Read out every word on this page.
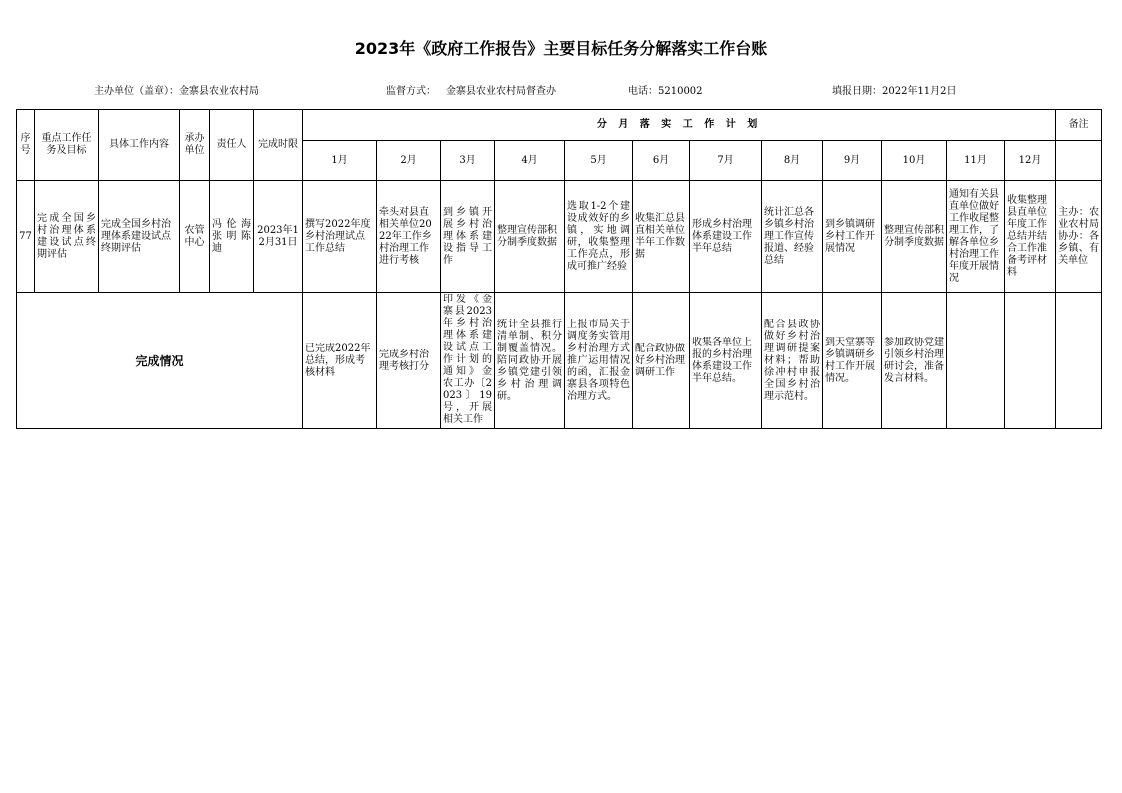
2023年《政府工作报告》主要目标任务分解落实工作台账
主办单位（盖章）：金寨县农业农村局	监督方式： 金寨县农业农村局督查办	电话：5210002	填报日期：2022年11月2日
序号	重点工作任务及目标	具体工作内容	承办单位	责任人	完成时限	分 月 落 实 工 作 计 划												备注
						1月	2月	3月	4月	5月	6月	7月	8月	9月	10月	11月	12月	
77	完成全国乡村治理体系建设试点终期评估	完成全国乡村治理体系建设试点终期评估	农管中心	冯伦海 张 明 陈 迪	2023年12月31日	撰写2022年度乡村治理试点工作总结	牵头对县直相关单位2022年工作乡村治理工作进行考核	到乡镇开展乡村治理体系建设指导工作	整理宣传部积分制季度数据	选取1-2个建设成效好的乡镇，实地调研，收集整理工作亮点，形成可推广经验	收集汇总县直相关单位半年工作数据	形成乡村治理体系建设工作半年总结	统计汇总各乡镇乡村治理工作宣传报道、经验总结	到乡镇调研乡村工作开展情况	整理宣传部积分制季度数据	通知有关县直单位做好工作收尾整理工作，了解各单位乡村治理工作年度开展情况	收集整理县直单位年度工作总结并结合工作准备考评材料	主办：农业农村局 协办：各乡镇、有关单位
完成情况						已完成2022年总结，形成考核材料	完成乡村治理考核打分	印发《金寨县2023年乡村治理体系建设试点工作计划的通知》金农工办〔2023〕19号，开展相关工作	统计全县推行清单制、积分制覆盖情况。陪同政协开展乡镇党建引领乡村治理调研。	上报市局关于调度务实管用乡村治理方式推广运用情况的函，汇报金寨县各项特色治理方式。	配合政协做好乡村治理调研工作	收集各单位上报的乡村治理体系建设工作半年总结。	配合县政协做好乡村治理调研提案材料；帮助徐冲村申报全国乡村治理示范村。	到天堂寨等乡镇调研乡村工作开展情况。	参加政协党建引领乡村治理研讨会，准备发言材料。			
